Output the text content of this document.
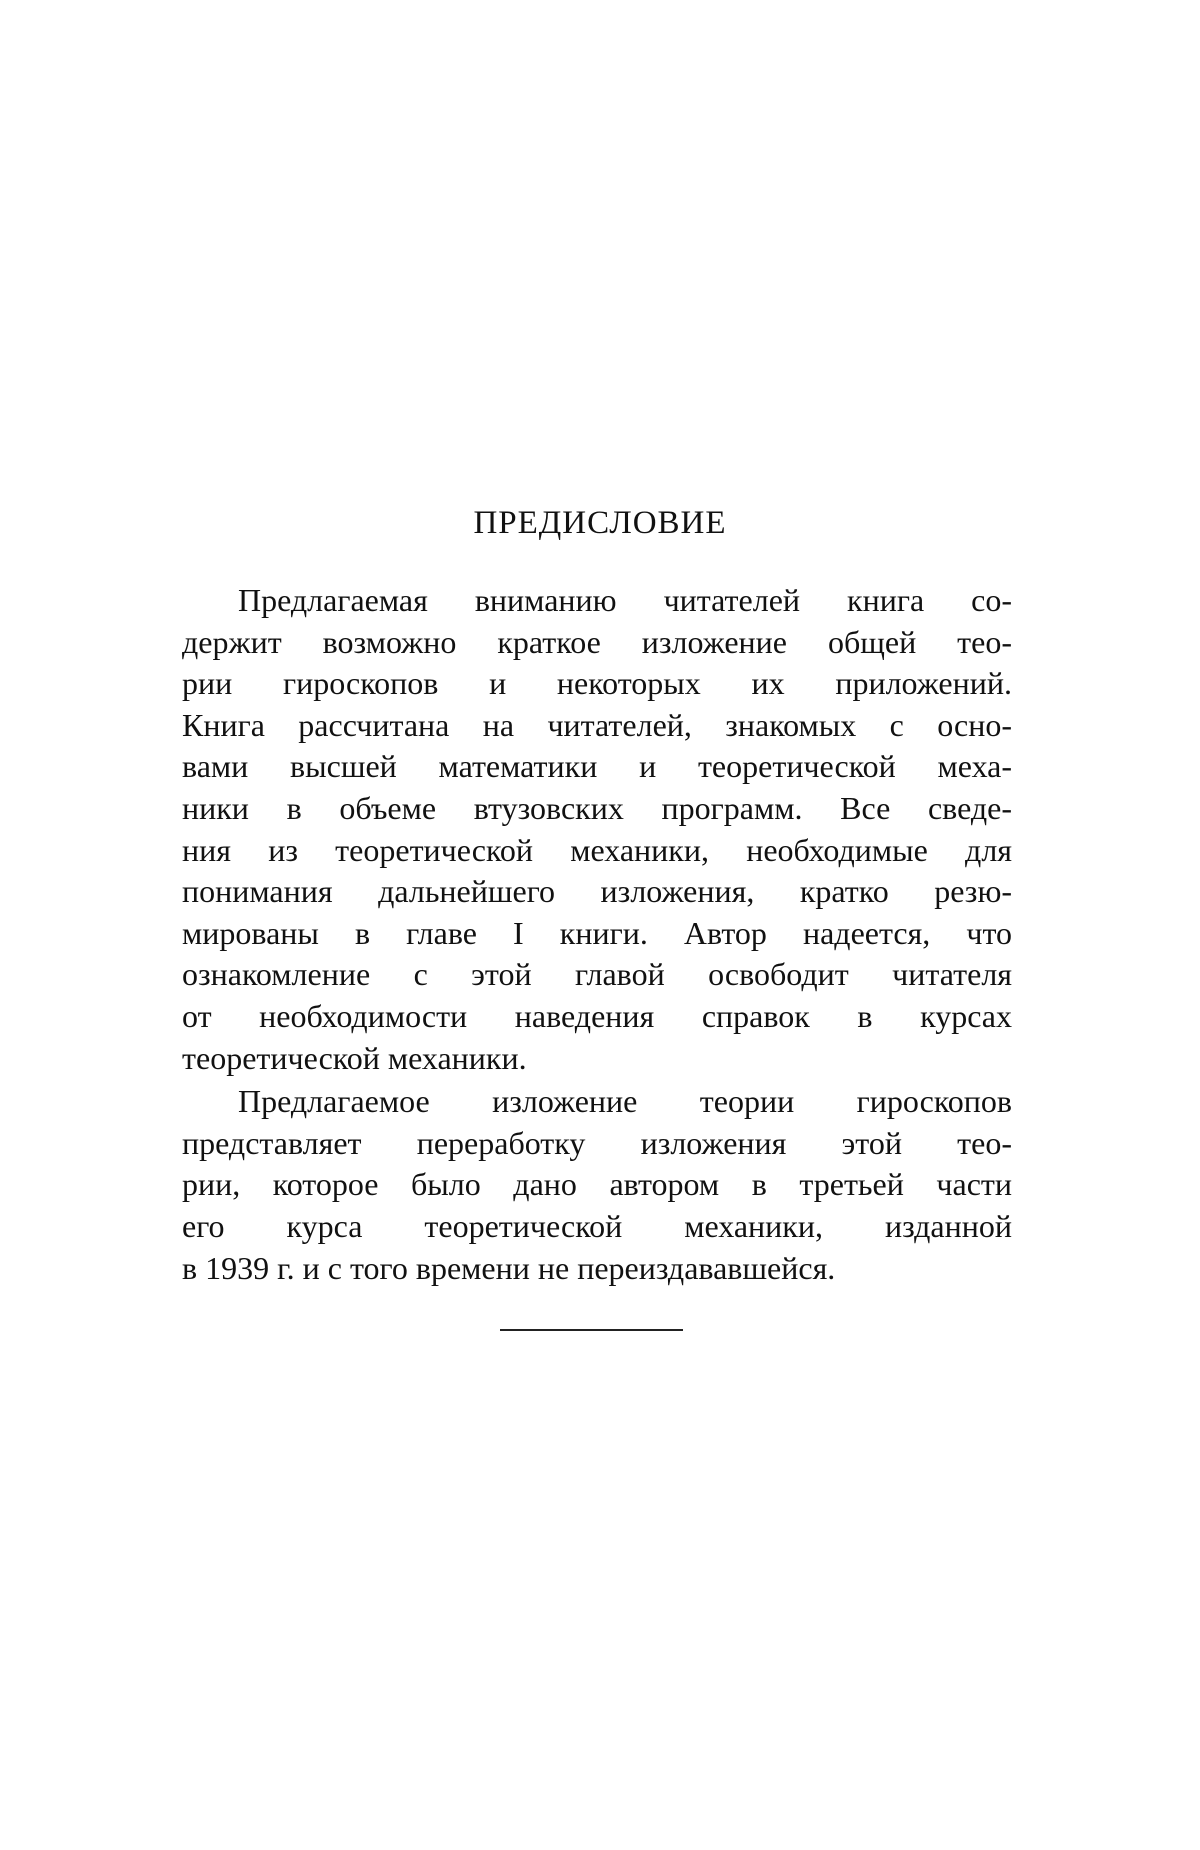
ПРЕДИСЛОВИЕ
Предлагаемая вниманию читателей книга со-
держит возможно краткое изложение общей тео-
рии гироскопов и некоторых их приложений.
Книга рассчитана на читателей, знакомых с осно-
вами высшей математики и теоретической меха-
ники в объеме втузовских программ. Все сведе-
ния из теоретической механики, необходимые для
понимания дальнейшего изложения, кратко резю-
мированы в главе I книги. Автор надеется, что
ознакомление с этой главой освободит читателя
от необходимости наведения справок в курсах
теоретической механики.
Предлагаемое изложение теории гироскопов
представляет переработку изложения этой тео-
рии, которое было дано автором в третьей части
его курса теоретической механики, изданной
в 1939 г. и с того времени не переиздававшейся.
